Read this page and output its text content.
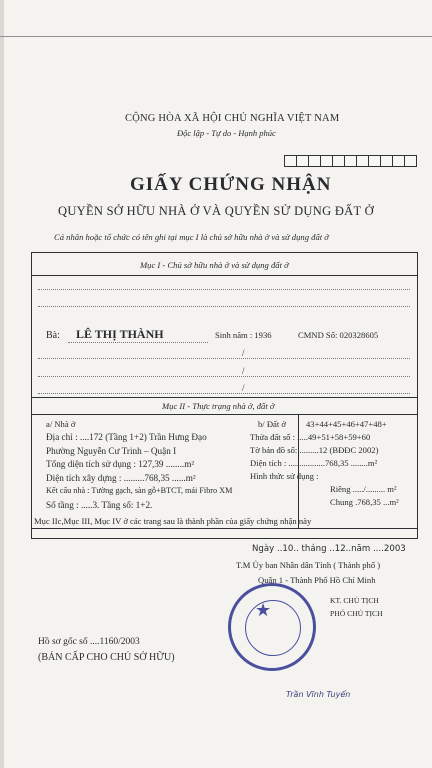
CỘNG HÒA XÃ HỘI CHỦ NGHĨA VIỆT NAM
Độc lập - Tự do - Hạnh phúc
GIẤY CHỨNG NHẬN
QUYỀN SỞ HỮU NHÀ Ở VÀ QUYỀN SỬ DỤNG ĐẤT Ở
Cá nhân hoặc tổ chức có tên ghi tại mục I là chủ sở hữu nhà ở và sử dụng đất ở
Mục I - Chủ sở hữu nhà ở và sử dụng đất ở
Bà: LÊ THỊ THÀNH	Sinh năm : 1936	CMND Số: 020328605
/
/
/
Mục II - Thực trạng nhà ở, đất ở
a/ Nhà ở
Địa chỉ : ....172 (Tầng 1+2) Trần Hưng Đạo
Phường Nguyễn Cư Trinh – Quận I
Tổng diện tích sử dụng : 127,39 ........m²
Diện tích xây dựng : .........768,35 ......m²
Kết cấu nhà : Tường gạch, sàn gỗ+BTCT, mái Fibro XM
Số tầng : .....3. Tầng số: 1+2.
b/ Đất ở 43+44+45+46+47+48+
Thửa đất số : .....49+51+58+59+60
Tờ bản đồ số: .........12 (BĐĐC 2002)
Diện tích : .................768,35 ........m²
Hình thức sử dụng :
Riêng ...../......... m²
Chung .768,35 ...m²
Mục IIc,Mục III, Mục IV ở các trang sau là thành phần của giấy chứng nhận này
Ngày ..10.. tháng ..12..năm ....2003
T.M Ủy ban Nhân dân Tỉnh ( Thành phố )
Quận 1 - Thành Phố Hồ Chí Minh
KT. CHỦ TỊCH
PHÓ CHỦ TỊCH
★
Trần Vĩnh Tuyến
Hồ sơ gốc số ....1160/2003
(BẢN CẤP CHO CHỦ SỞ HỮU)
